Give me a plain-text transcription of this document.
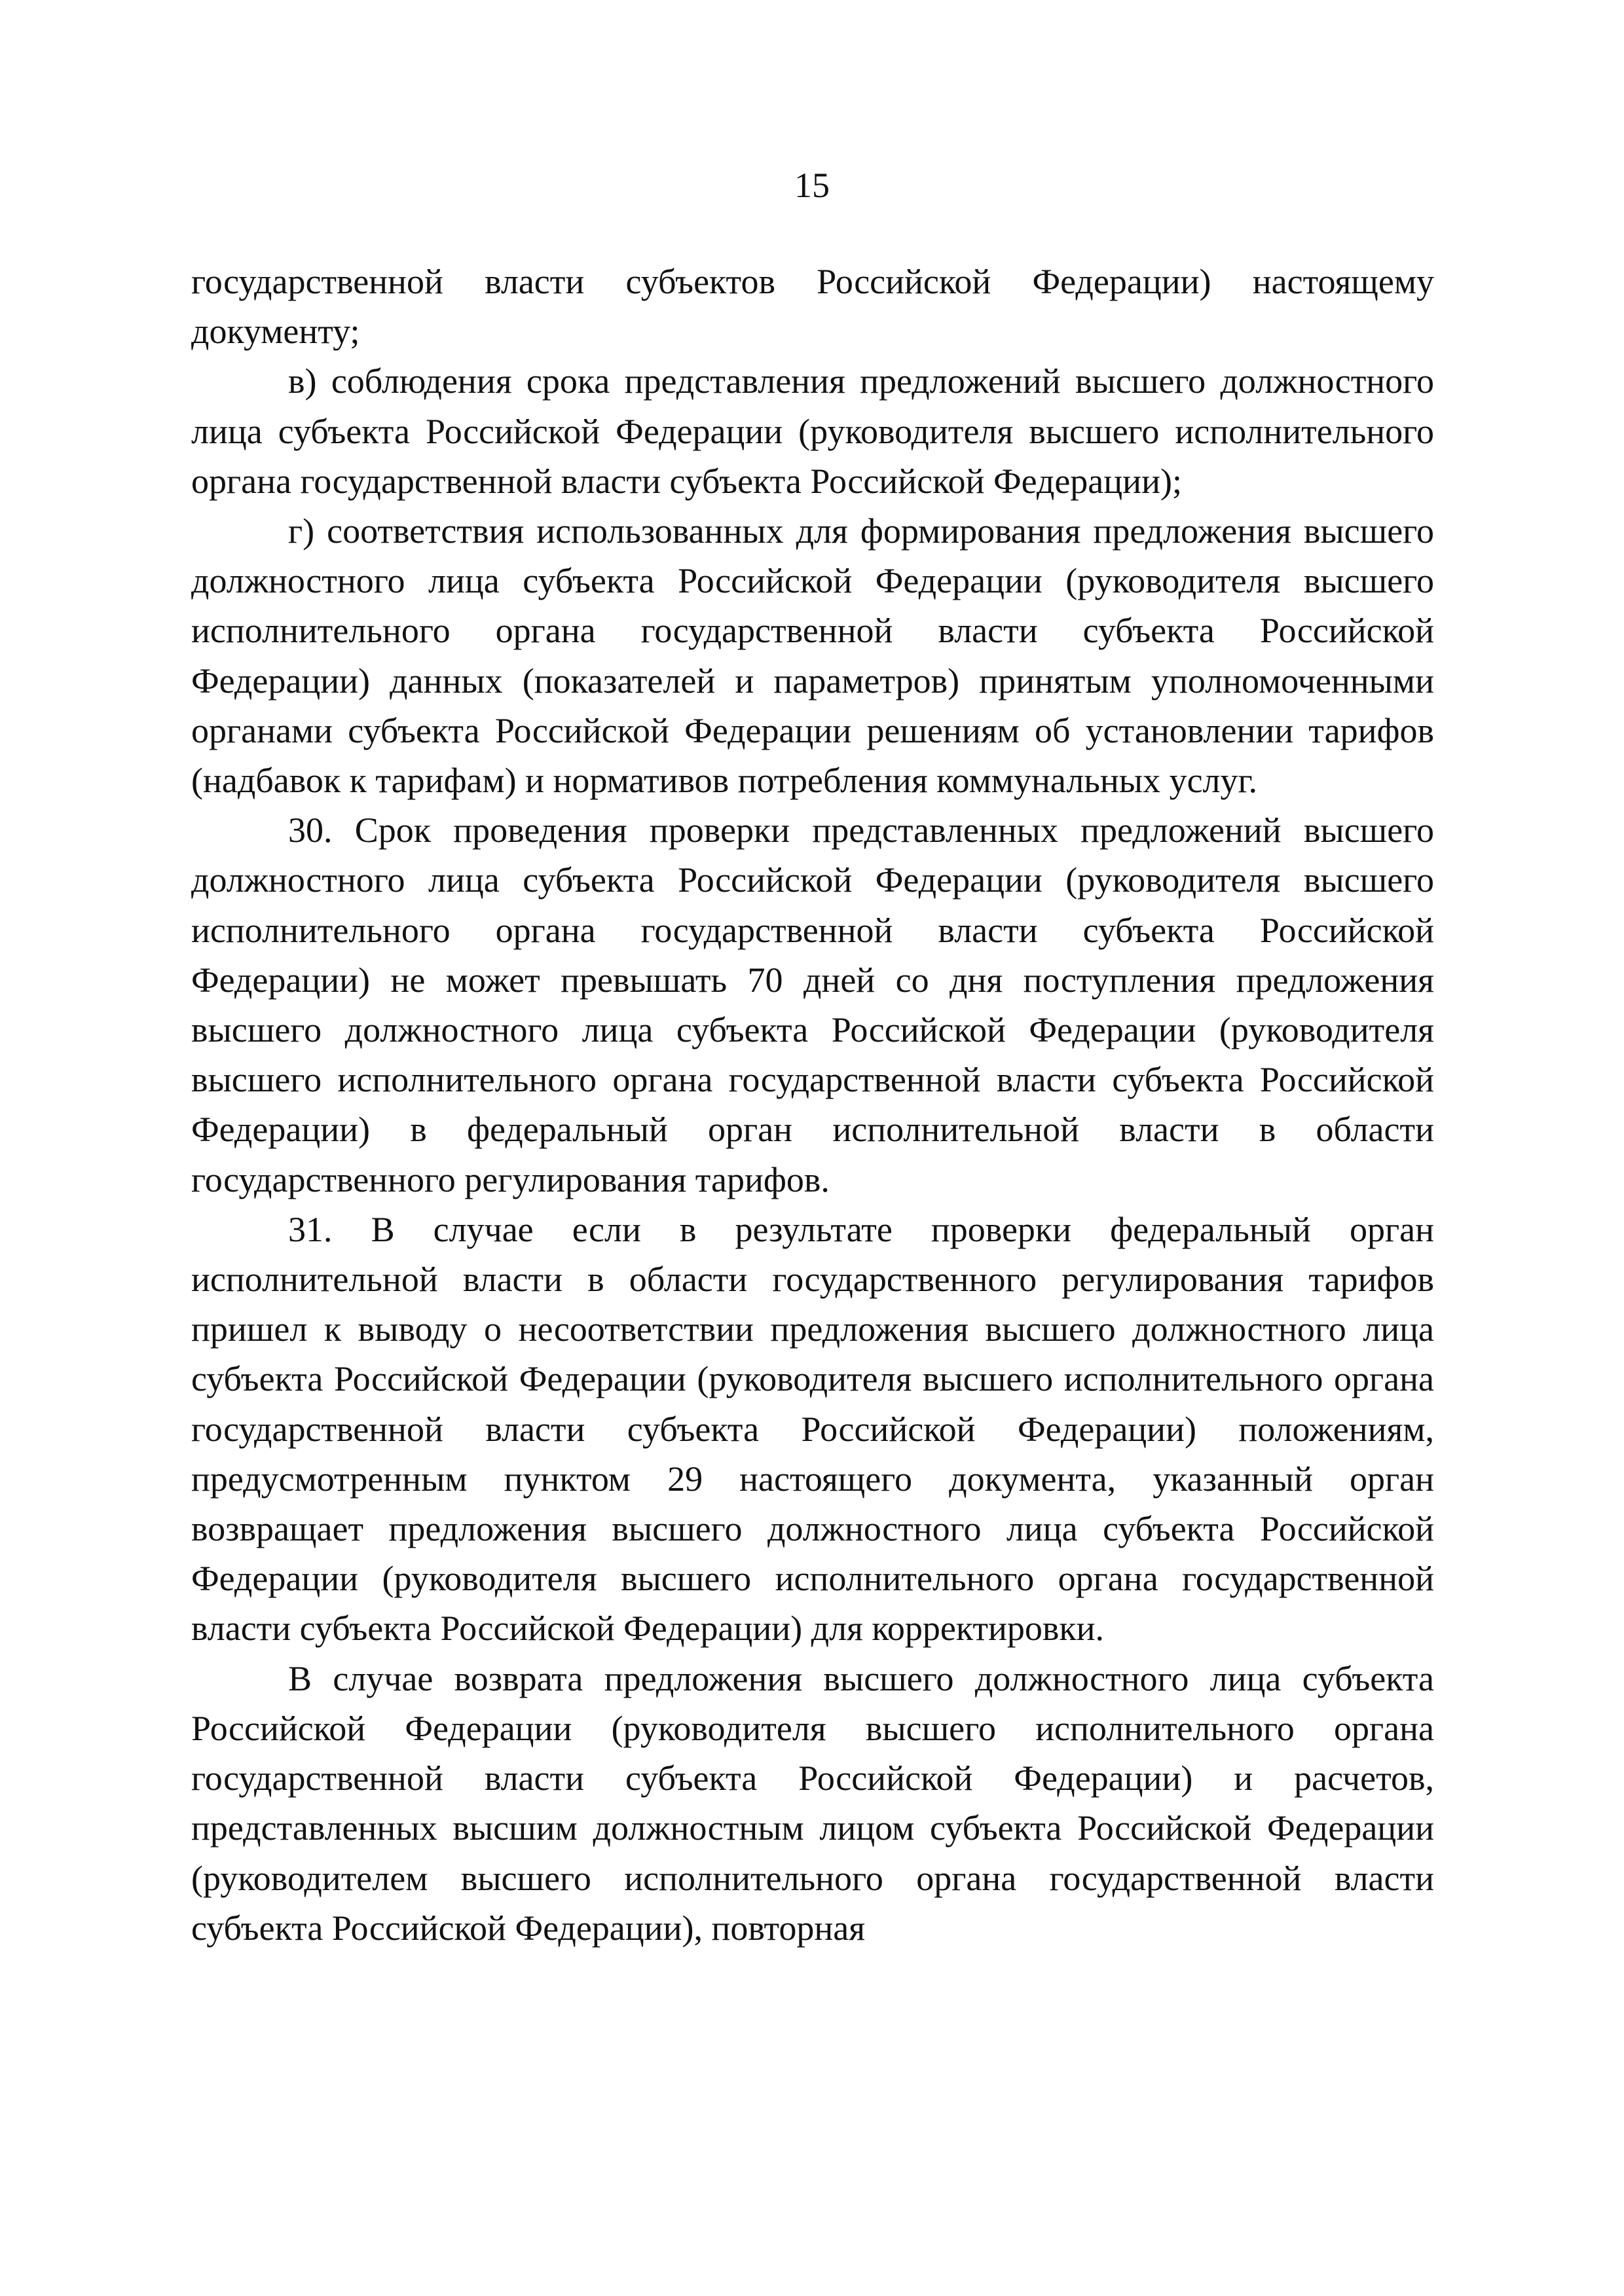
15

государственной власти субъектов Российской Федерации) настоящему документу;

в) соблюдения срока представления предложений высшего должностного лица субъекта Российской Федерации (руководителя высшего исполнительного органа государственной власти субъекта Российской Федерации);

г) соответствия использованных для формирования предложения высшего должностного лица субъекта Российской Федерации (руководителя высшего исполнительного органа государственной власти субъекта Российской Федерации) данных (показателей и параметров) принятым уполномоченными органами субъекта Российской Федерации решениям об установлении тарифов (надбавок к тарифам) и нормативов потребления коммунальных услуг.

30. Срок проведения проверки представленных предложений высшего должностного лица субъекта Российской Федерации (руководителя высшего исполнительного органа государственной власти субъекта Российской Федерации) не может превышать 70 дней со дня поступления предложения высшего должностного лица субъекта Российской Федерации (руководителя высшего исполнительного органа государственной власти субъекта Российской Федерации) в федеральный орган исполнительной власти в области государственного регулирования тарифов.

31. В случае если в результате проверки федеральный орган исполнительной власти в области государственного регулирования тарифов пришел к выводу о несоответствии предложения высшего должностного лица субъекта Российской Федерации (руководителя высшего исполнительного органа государственной власти субъекта Российской Федерации) положениям, предусмотренным пунктом 29 настоящего документа, указанный орган возвращает предложения высшего должностного лица субъекта Российской Федерации (руководителя высшего исполнительного органа государственной власти субъекта Российской Федерации) для корректировки.

В случае возврата предложения высшего должностного лица субъекта Российской Федерации (руководителя высшего исполнительного органа государственной власти субъекта Российской Федерации) и расчетов, представленных высшим должностным лицом субъекта Российской Федерации (руководителем высшего исполнительного органа государственной власти субъекта Российской Федерации), повторная
